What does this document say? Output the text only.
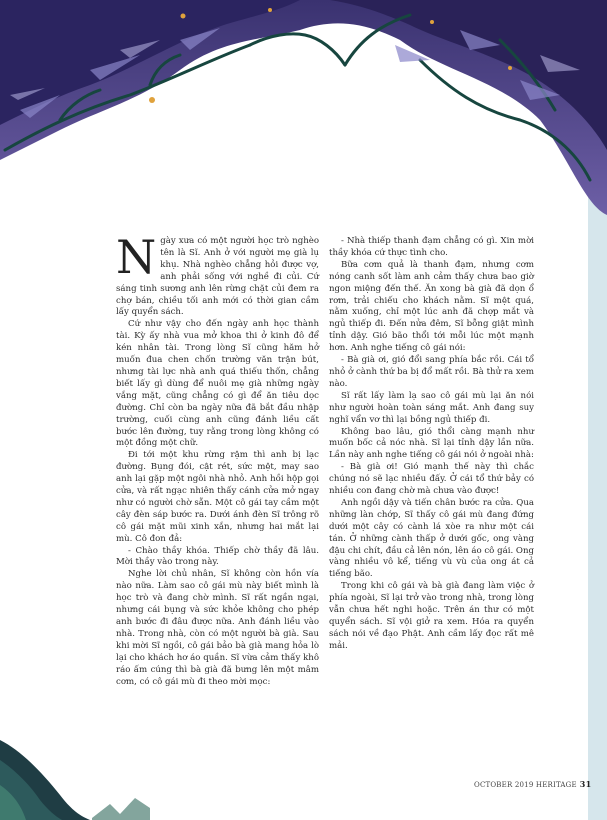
Ngày xưa có một người học trò nghèo tên là Sĩ. Anh ở với người mẹ già lụ khụ. Nhà nghèo chẳng hỏi được vợ, anh phải sống với nghề đi củi. Cứ sáng tinh sương anh lên rừng chặt củi đem ra chợ bán, chiều tối anh mới có thời gian cầm lấy quyển sách.

Cứ như vậy cho đến ngày anh học thành tài. Kỳ ấy nhà vua mở khoa thi ở kinh đô để kén nhân tài. Trong lòng Sĩ cũng hăm hở muốn đua chen chốn trường văn trận bút, nhưng tài lực nhà anh quá thiếu thốn, chẳng biết lấy gì dùng để nuôi mẹ già những ngày vắng mặt, cũng chẳng có gì để ăn tiêu dọc đường. Chỉ còn ba ngày nữa đã bắt đầu nhập trường, cuối cùng anh cũng đánh liều cất bước lên đường, tuy rằng trong lòng không có một đồng một chữ.

Đi tới một khu rừng rậm thì anh bị lạc đường. Bụng đói, cật rét, sức mệt, may sao anh lại gặp một ngôi nhà nhỏ. Anh hồi hộp gọi cửa, và rất ngạc nhiên thấy cánh cửa mở ngay như có người chờ sẵn. Một cô gái tay cầm một cây đèn sáp bước ra. Dưới ánh đèn Sĩ trông rõ cô gái mặt mũi xinh xắn, nhưng hai mắt lại mù. Cô đon đả:

- Chào thầy khóa. Thiếp chờ thầy đã lâu. Mời thầy vào trong này.

Nghe lời chủ nhân, Sĩ không còn hồn vía nào nữa. Làm sao cô gái mù này biết mình là học trò và đang chờ mình. Sĩ rất ngần ngại, nhưng cái bụng và sức khỏe không cho phép anh bước đi đâu được nữa. Anh đánh liều vào nhà. Trong nhà, còn có một người bà già. Sau khi mời Sĩ ngồi, cô gái bảo bà già mang hỏa lò lại cho khách hơ áo quần. Sĩ vừa cảm thấy khô ráo ấm cúng thì bà già đã bưng lên một mâm cơm, có cô gái mù đi theo mời mọc:

- Nhà thiếp thanh đạm chẳng có gì. Xin mời thầy khóa cứ thực tình cho.

Bữa cơm quả là thanh đạm, nhưng cơm nóng canh sốt làm anh cảm thấy chưa bao giờ ngon miệng đến thế. Ăn xong bà già đã dọn ổ rơm, trải chiếu cho khách nằm. Sĩ mệt quá, nằm xuống, chỉ một lúc anh đã chợp mắt và ngủ thiếp đi. Đến nửa đêm, Sĩ bỗng giật mình tỉnh dậy. Gió bão thổi tới mỗi lúc một mạnh hơn. Anh nghe tiếng cô gái nói:

- Bà già ơi, gió đổi sang phía bắc rồi. Cái tổ nhỏ ở cành thứ ba bị đổ mất rồi. Bà thử ra xem nào.

Sĩ rất lấy làm lạ sao cô gái mù lại ăn nói như người hoàn toàn sáng mắt. Anh đang suy nghĩ vẩn vơ thì lại bồng ngủ thiếp đi.

Không bao lâu, gió thổi càng mạnh như muốn bốc cả nóc nhà. Sĩ lại tỉnh dậy lần nữa. Lần này anh nghe tiếng cô gái nói ở ngoài nhà:

- Bà già ơi! Gió mạnh thế này thì chắc chúng nó sẽ lạc nhiều đấy. Ở cái tổ thứ bảy có nhiều con đang chờ mà chưa vào được!

Anh ngồi dậy và tiến chân bước ra cửa. Qua những làn chớp, Sĩ thấy cô gái mù đang đứng dưới một cây có cành lá xòe ra như một cái tán. Ở những cành thấp ở dưới gốc, ong vàng đậu chi chít, đầu cả lên nón, lên áo cô gái. Ong vàng nhiều vô kể, tiếng vù vù của ong át cả tiếng bão.

Trong khi cô gái và bà già đang làm việc ở phía ngoài, Sĩ lại trở vào trong nhà, trong lòng vẫn chưa hết nghi hoặc. Trên án thư có một quyển sách. Sĩ vội giở ra xem. Hóa ra quyển sách nói về đạo Phật. Anh cầm lấy đọc rất mê mải.

OCTOBER 2019 HERITAGE 31
